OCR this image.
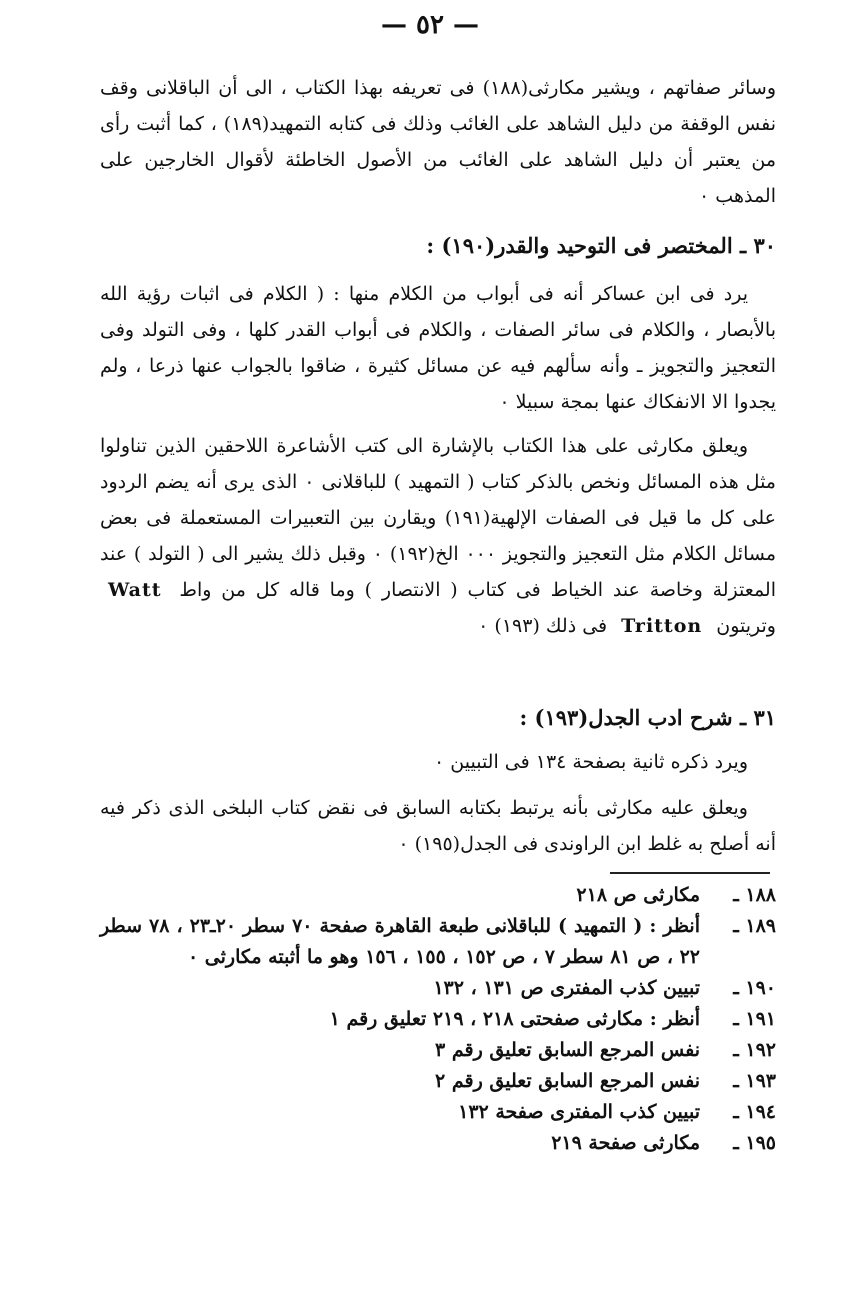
— ٥٢ —

وسائر صفاتهم ، ويشير مكارثى(١٨٨) فى تعريفه بهذا الكتاب ، الى أن الباقلانى وقف نفس الوقفة من دليل الشاهد على الغائب وذلك فى كتابه التمهيد(١٨٩) ، كما أثبت رأى من يعتبر أن دليل الشاهد على الغائب من الأصول الخاطئة لأقوال الخارجين على المذهب ٠

٣٠ ـ المختصر فى التوحيد والقدر(١٩٠) :

يرد فى ابن عساكر أنه فى أبواب من الكلام منها : ( الكلام فى اثبات رؤية الله بالأبصار ، والكلام فى سائر الصفات ، والكلام فى أبواب القدر كلها ، وفى التولد وفى التعجيز والتجويز ـ وأنه سألهم فيه عن مسائل كثيرة ، ضاقوا بالجواب عنها ذرعا ، ولم يجدوا الا الانفكاك عنها بمجة سبيلا ٠

ويعلق مكارثى على هذا الكتاب بالإشارة الى كتب الأشاعرة اللاحقين الذين تناولوا مثل هذه المسائل ونخص بالذكر كتاب ( التمهيد ) للباقلانى ٠ الذى يرى أنه يضم الردود على كل ما قيل فى الصفات الإلهية(١٩١) ويقارن بين التعبيرات المستعملة فى بعض مسائل الكلام مثل التعجيز والتجويز ٠٠٠ الخ(١٩٢) ٠ وقبل ذلك يشير الى ( التولد ) عند المعتزلة وخاصة عند الخياط فى كتاب ( الانتصار ) وما قاله كل من واط Watt وتريتون Tritton فى ذلك (١٩٣) ٠

٣١ ـ شرح ادب الجدل(١٩٣) :

ويرد ذكره ثانية بصفحة ١٣٤ فى التبيين ٠

ويعلق عليه مكارثى بأنه يرتبط بكتابه السابق فى نقض كتاب البلخى الذى ذكر فيه أنه أصلح به غلط ابن الراوندى فى الجدل(١٩٥) ٠

١٨٨ ـ
مكارثى ص ٢١٨
١٨٩ ـ
أنظر : ( التمهيد ) للباقلانى طبعة القاهرة صفحة ٧٠ سطر ٢٠ـ٢٣ ، ٧٨ سطر ٢٢ ، ص ٨١ سطر ٧ ، ص ١٥٢ ، ١٥٥ ، ١٥٦ وهو ما أثبته مكارثى ٠
١٩٠ ـ
تبيين كذب المفترى ص ١٣١ ، ١٣٢
١٩١ ـ
أنظر : مكارثى صفحتى ٢١٨ ، ٢١٩ تعليق رقم ١
١٩٢ ـ
نفس المرجع السابق تعليق رقم ٣
١٩٣ ـ
نفس المرجع السابق تعليق رقم ٢
١٩٤ ـ
تبيين كذب المفترى صفحة ١٣٢
١٩٥ ـ
مكارثى صفحة ٢١٩
